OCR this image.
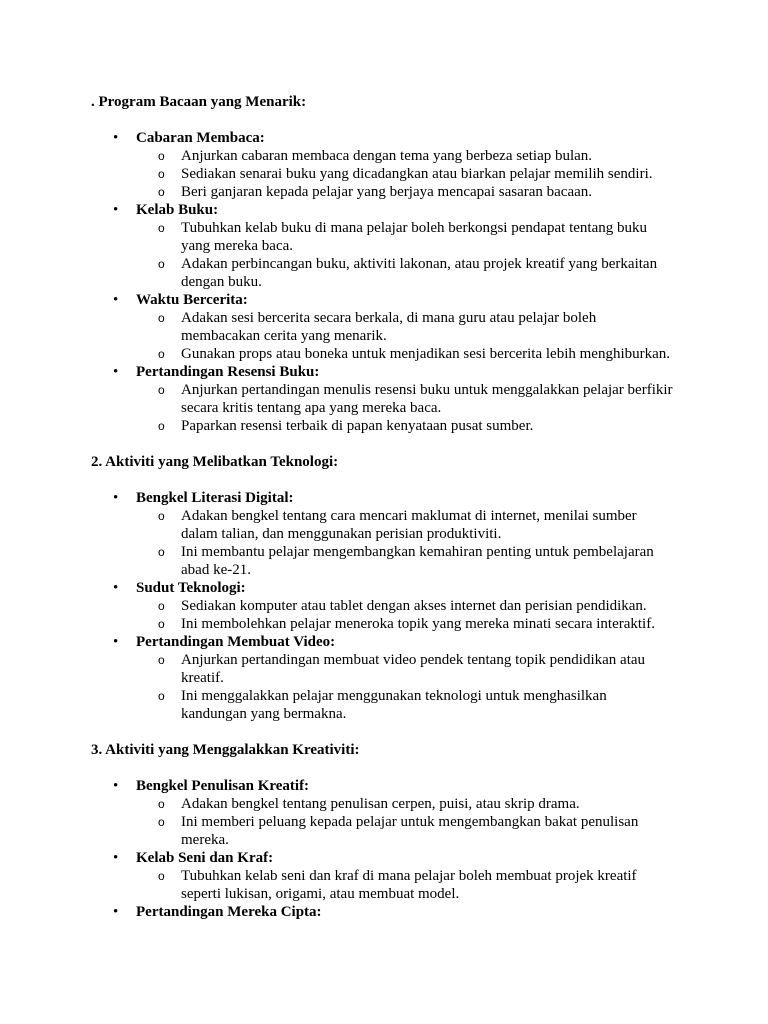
. Program Bacaan yang Menarik:
• Cabaran Membaca:
o Anjurkan cabaran membaca dengan tema yang berbeza setiap bulan.
o Sediakan senarai buku yang dicadangkan atau biarkan pelajar memilih sendiri.
o Beri ganjaran kepada pelajar yang berjaya mencapai sasaran bacaan.
• Kelab Buku:
o Tubuhkan kelab buku di mana pelajar boleh berkongsi pendapat tentang buku yang mereka baca.
o Adakan perbincangan buku, aktiviti lakonan, atau projek kreatif yang berkaitan dengan buku.
• Waktu Bercerita:
o Adakan sesi bercerita secara berkala, di mana guru atau pelajar boleh membacakan cerita yang menarik.
o Gunakan props atau boneka untuk menjadikan sesi bercerita lebih menghiburkan.
• Pertandingan Resensi Buku:
o Anjurkan pertandingan menulis resensi buku untuk menggalakkan pelajar berfikir secara kritis tentang apa yang mereka baca.
o Paparkan resensi terbaik di papan kenyataan pusat sumber.
2. Aktiviti yang Melibatkan Teknologi:
• Bengkel Literasi Digital:
o Adakan bengkel tentang cara mencari maklumat di internet, menilai sumber dalam talian, dan menggunakan perisian produktiviti.
o Ini membantu pelajar mengembangkan kemahiran penting untuk pembelajaran abad ke-21.
• Sudut Teknologi:
o Sediakan komputer atau tablet dengan akses internet dan perisian pendidikan.
o Ini membolehkan pelajar meneroka topik yang mereka minati secara interaktif.
• Pertandingan Membuat Video:
o Anjurkan pertandingan membuat video pendek tentang topik pendidikan atau kreatif.
o Ini menggalakkan pelajar menggunakan teknologi untuk menghasilkan kandungan yang bermakna.
3. Aktiviti yang Menggalakkan Kreativiti:
• Bengkel Penulisan Kreatif:
o Adakan bengkel tentang penulisan cerpen, puisi, atau skrip drama.
o Ini memberi peluang kepada pelajar untuk mengembangkan bakat penulisan mereka.
• Kelab Seni dan Kraf:
o Tubuhkan kelab seni dan kraf di mana pelajar boleh membuat projek kreatif seperti lukisan, origami, atau membuat model.
• Pertandingan Mereka Cipta:
